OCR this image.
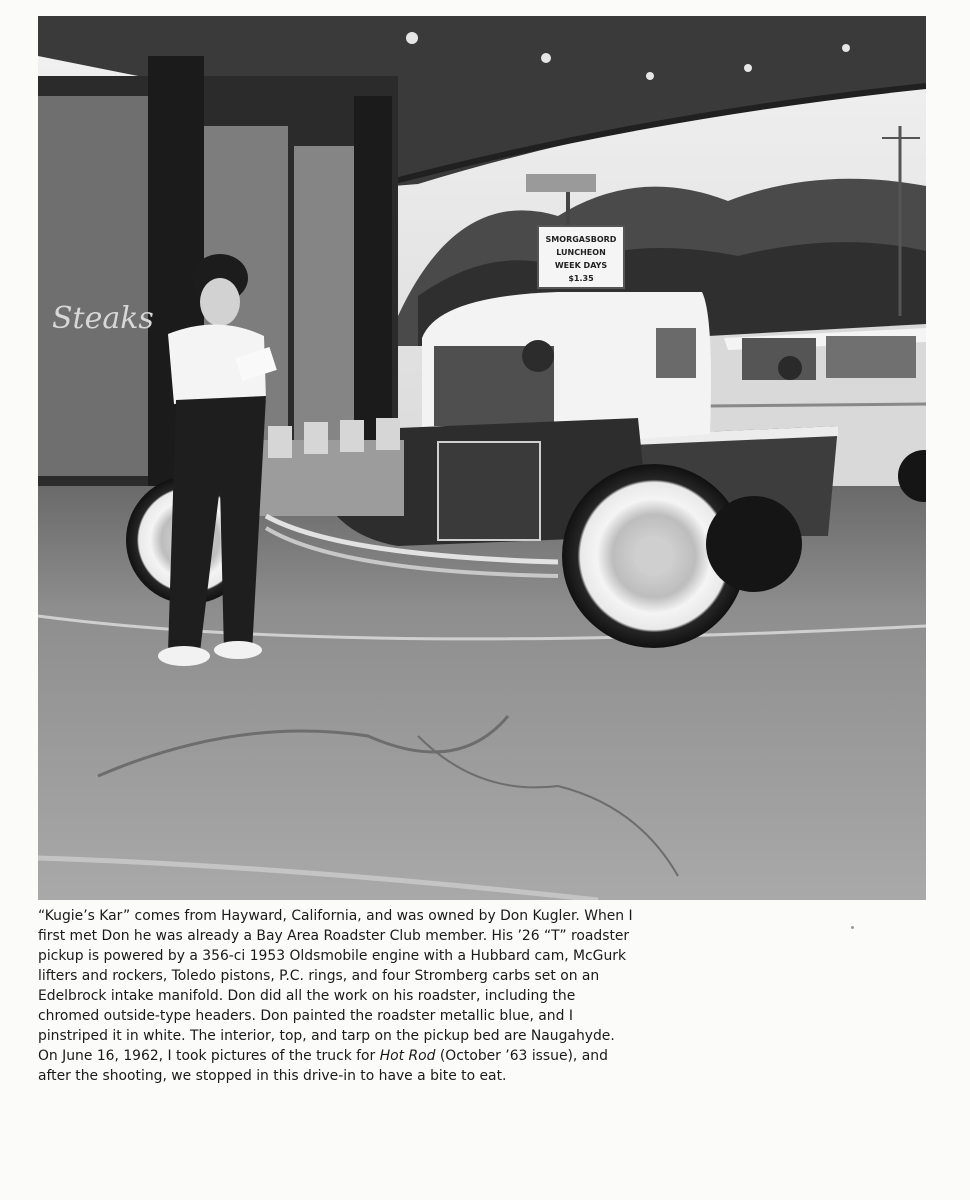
Steaks
SMORGASBORD
LUNCHEON
WEEK DAYS
$1.35

“Kugie’s Kar” comes from Hayward, California, and was owned by Don Kugler. When I first met Don he was already a Bay Area Roadster Club member. His ’26 “T” roadster pickup is powered by a 356-ci 1953 Oldsmobile engine with a Hubbard cam, McGurk lifters and rockers, Toledo pistons, P.C. rings, and four Stromberg carbs set on an Edelbrock intake manifold. Don did all the work on his roadster, including the chromed outside-type headers. Don painted the roadster metallic blue, and I pinstriped it in white. The interior, top, and tarp on the pickup bed are Naugahyde. On June 16, 1962, I took pictures of the truck for Hot Rod (October ’63 issue), and after the shooting, we stopped in this drive-in to have a bite to eat.
